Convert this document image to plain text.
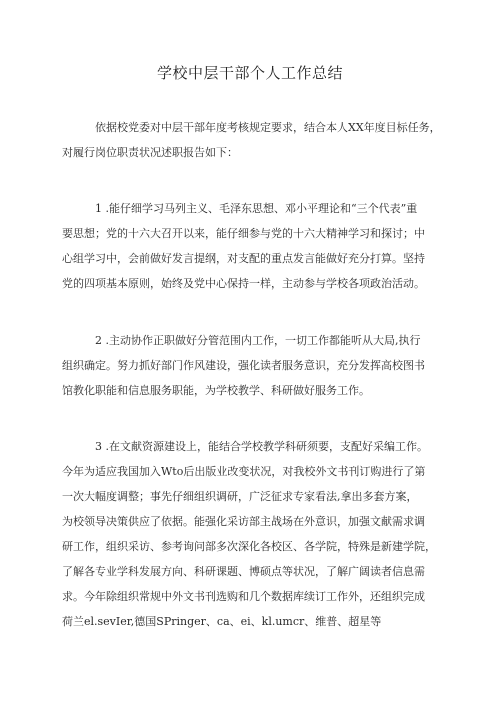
学校中层干部个人工作总结
依据校党委对中层干部年度考核规定要求，结合本人XX年度目标任务，
对履行岗位职责状况述职报告如下：
1 .能仔细学习马列主义、毛泽东思想、邓小平理论和“三个代表”重
要思想；党的十六大召开以来，能仔细参与党的十六大精神学习和探讨；中
心组学习中，会前做好发言提纲，对支配的重点发言能做好充分打算。坚持
党的四项基本原则，始终及党中心保持一样，主动参与学校各项政治活动。
2 .主动协作正职做好分管范围内工作，一切工作都能听从大局,执行
组织确定。努力抓好部门作风建设，强化读者服务意识，充分发挥高校图书
馆教化职能和信息服务职能，为学校教学、科研做好服务工作。
3 .在文献资源建设上，能结合学校教学科研须要，支配好采编工作。
今年为适应我国加入Wto后出版业改变状况，对我校外文书刊订购进行了第
一次大幅度调整；事先仔细组织调研，广泛征求专家看法,拿出多套方案，
为校领导决策供应了依据。能强化采访部主战场在外意识，加强文献需求调
研工作，组织采访、参考询问部多次深化各校区、各学院，特殊是新建学院，
了解各专业学科发展方向、科研课题、博硕点等状况，了解广阔读者信息需
求。今年除组织常规中外文书刊选购和几个数据库续订工作外，还组织完成
荷兰el.sevIer,德国SPringer、ca、ei、kl.umcr、维普、超星等
